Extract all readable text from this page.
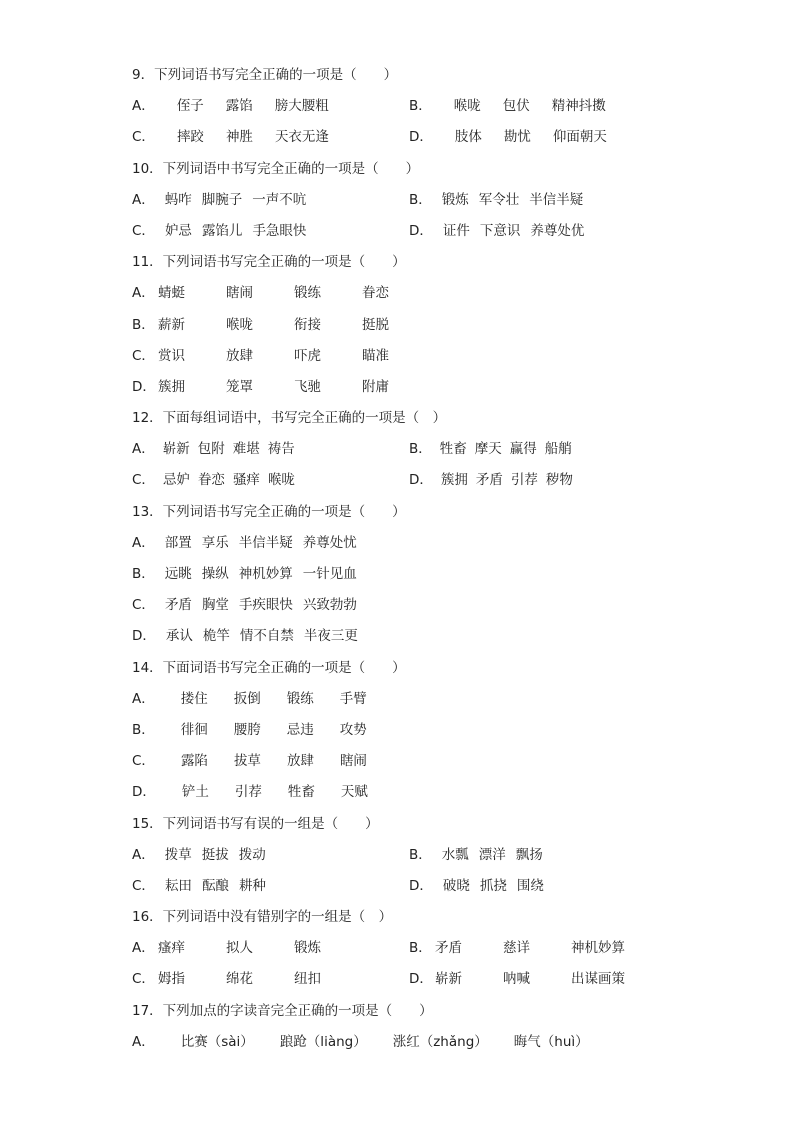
9．下列词语书写完全正确的一项是（　　）
A． 侄子 露馅 膀大腰粗	B． 喉咙 包伏 精神抖擞
C． 摔跤 神胜 天衣无逢	D． 肢体 勘忧 仰面朝天
10．下列词语中书写完全正确的一项是（　　）
A． 蚂咋 脚腕子 一声不吭	B． 锻炼 军令壮 半信半疑
C． 妒忌 露馅儿 手急眼快	D． 证件 下意识 养尊处优
11．下列词语书写完全正确的一项是（　　）
A． 蜻蜓	瞎闹	锻练	眷恋
B． 薪新	喉咙	衔接	挺脱
C． 赏识	放肆	吓虎	瞄准
D． 簇拥	笼罩	飞驰	附庸
12．下面每组词语中，书写完全正确的一项是（　）
A． 崭新 包附 难堪 祷告	B． 牲畜 摩天 赢得 船艄
C． 忌妒 眷恋 骚痒 喉咙	D． 簇拥 矛盾 引荐 秽物
13．下列词语书写完全正确的一项是（　　）
A． 部置 享乐 半信半疑 养尊处忧
B． 远眺 操纵 神机妙算 一针见血
C． 矛盾 胸堂 手疾眼快 兴致勃勃
D． 承认 桅竿 情不自禁 半夜三更
14．下面词语书写完全正确的一项是（　　）
A． 搂住 扳倒 锻练 手臂
B． 徘徊 腰胯 忌违 攻势
C． 露陷 拔草 放肆 瞎闹
D． 铲土 引荐 牲畜 天赋
15．下列词语书写有误的一组是（　　）
A． 拨草 挺拔 拨动	B． 水瓢 漂洋 飘扬
C． 耘田 酝酿 耕种	D． 破晓 抓挠 围绕
16．下列词语中没有错别字的一组是（　）
A． 瘙痒	拟人	锻炼	B． 矛盾	慈详	神机妙算
C． 姆指	绵花	纽扣	D． 崭新	呐喊	出谋画策
17．下列加点的字读音完全正确的一项是（　　）
A． 比赛（sài） 踉跄（liàng） 涨红（zhǎng） 晦气（huì）
